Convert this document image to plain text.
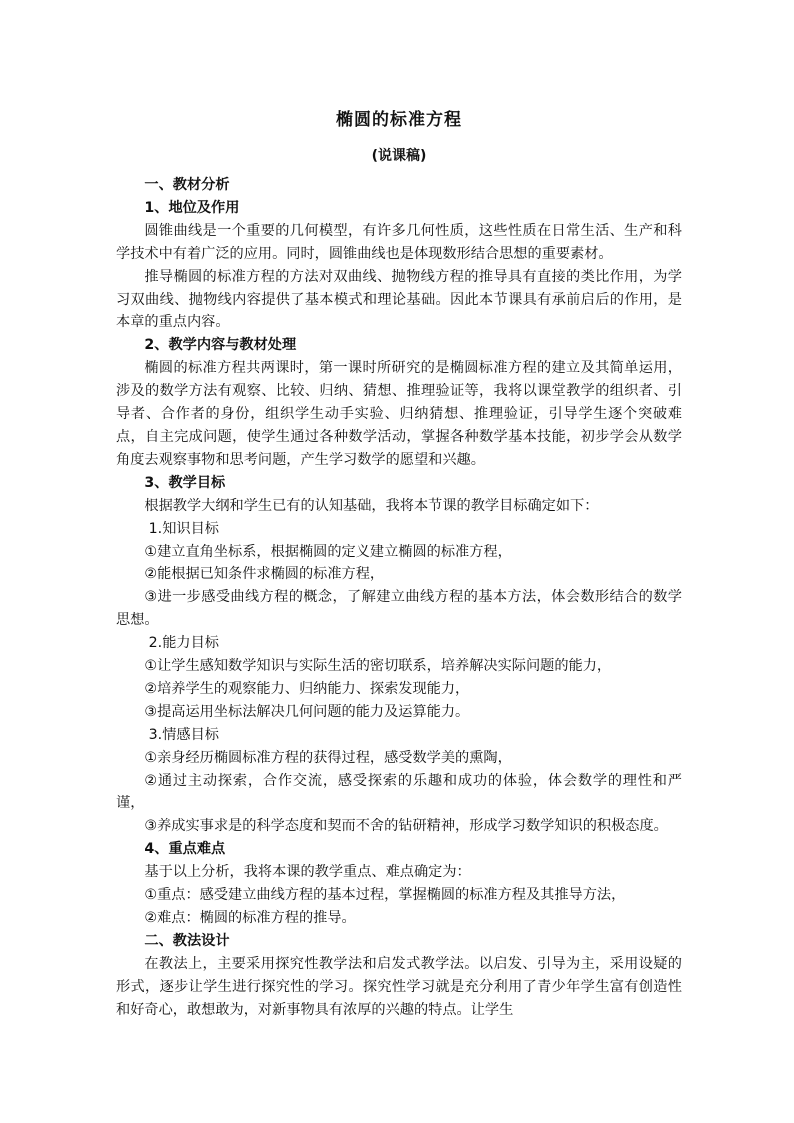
椭圆的标准方程
(说课稿)
一、教材分析
1、地位及作用
圆锥曲线是一个重要的几何模型，有许多几何性质，这些性质在日常生活、生产和科学技术中有着广泛的应用。同时，圆锥曲线也是体现数形结合思想的重要素材。
推导椭圆的标准方程的方法对双曲线、抛物线方程的推导具有直接的类比作用，为学习双曲线、抛物线内容提供了基本模式和理论基础。因此本节课具有承前启后的作用，是本章的重点内容。
2、教学内容与教材处理
椭圆的标准方程共两课时，第一课时所研究的是椭圆标准方程的建立及其简单运用，涉及的数学方法有观察、比较、归纳、猜想、推理验证等，我将以课堂教学的组织者、引导者、合作者的身份，组织学生动手实验、归纳猜想、推理验证，引导学生逐个突破难点，自主完成问题，使学生通过各种数学活动，掌握各种数学基本技能，初步学会从数学角度去观察事物和思考问题，产生学习数学的愿望和兴趣。
3、教学目标
根据教学大纲和学生已有的认知基础，我将本节课的教学目标确定如下：
1.知识目标
①建立直角坐标系，根据椭圆的定义建立椭圆的标准方程，
②能根据已知条件求椭圆的标准方程，
③进一步感受曲线方程的概念，了解建立曲线方程的基本方法，体会数形结合的数学思想。
2.能力目标
①让学生感知数学知识与实际生活的密切联系，培养解决实际问题的能力，
②培养学生的观察能力、归纳能力、探索发现能力，
③提高运用坐标法解决几何问题的能力及运算能力。
3.情感目标
①亲身经历椭圆标准方程的获得过程，感受数学美的熏陶，
②通过主动探索，合作交流，感受探索的乐趣和成功的体验，体会数学的理性和严谨，
③养成实事求是的科学态度和契而不舍的钻研精神，形成学习数学知识的积极态度。
4、重点难点
基于以上分析，我将本课的教学重点、难点确定为：
①重点：感受建立曲线方程的基本过程，掌握椭圆的标准方程及其推导方法，
②难点：椭圆的标准方程的推导。
二、教法设计
在教法上，主要采用探究性教学法和启发式教学法。以启发、引导为主，采用设疑的形式，逐步让学生进行探究性的学习。探究性学习就是充分利用了青少年学生富有创造性和好奇心，敢想敢为，对新事物具有浓厚的兴趣的特点。让学生
